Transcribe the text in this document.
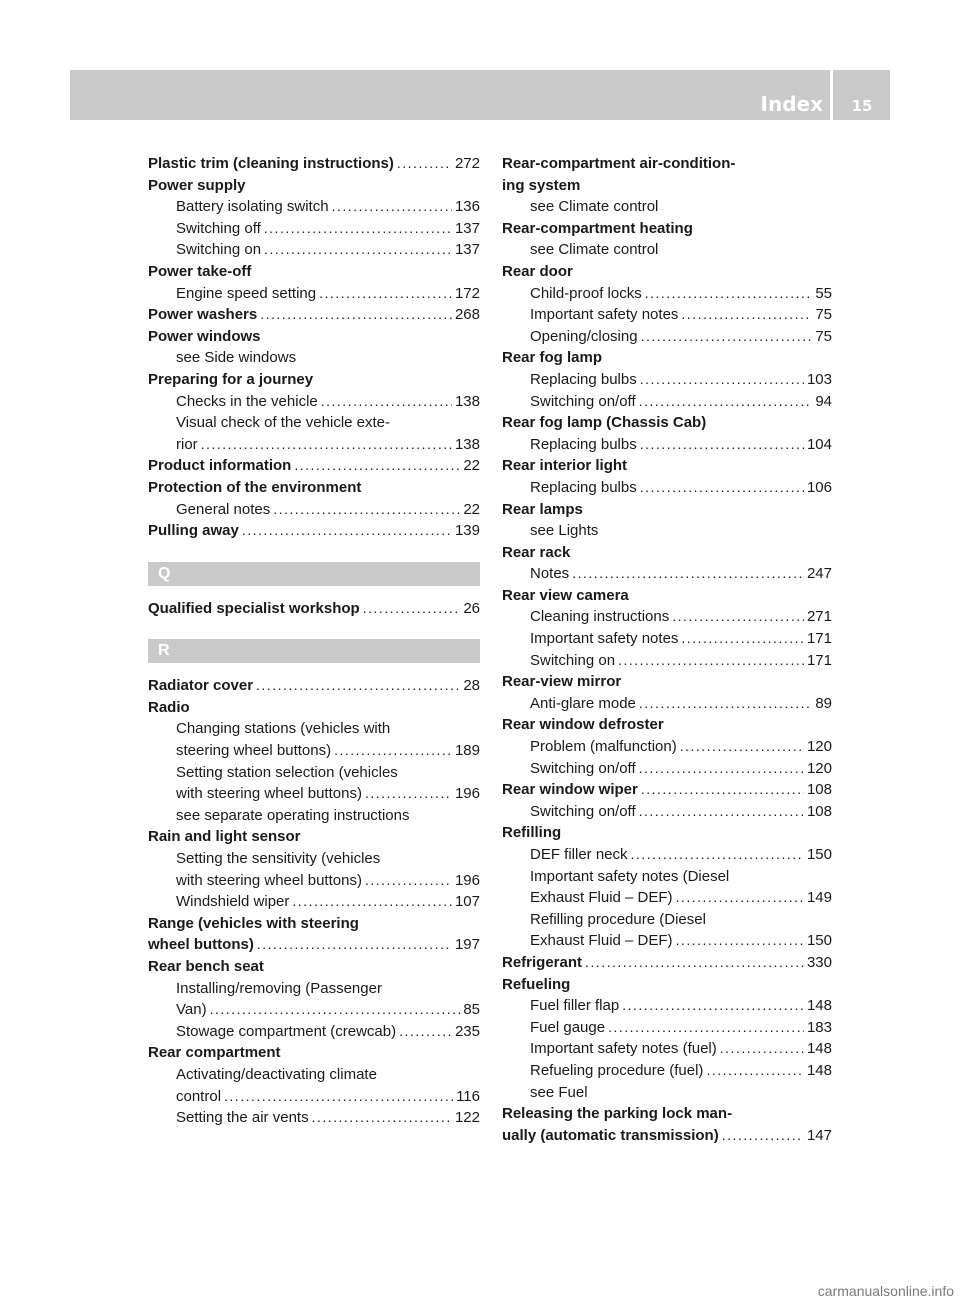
Index	15
Plastic trim (cleaning instructions) .....	272
Power supply
Battery isolating switch .....	136
Switching off .....	137
Switching on .....	137
Power take-off
Engine speed setting .....	172
Power washers .....	268
Power windows
see Side windows
Preparing for a journey
Checks in the vehicle .....	138
Visual check of the vehicle exte-
rior .....	138
Product information .....	22
Protection of the environment
General notes .....	22
Pulling away .....	139
Q
Qualified specialist workshop .....	26
R
Radiator cover .....	28
Radio
Changing stations (vehicles with
steering wheel buttons) .....	189
Setting station selection (vehicles
with steering wheel buttons) .....	196
see separate operating instructions
Rain and light sensor
Setting the sensitivity (vehicles
with steering wheel buttons) .....	196
Windshield wiper .....	107
Range (vehicles with steering
wheel buttons) .....	197
Rear bench seat
Installing/removing (Passenger
Van) .....	85
Stowage compartment (crewcab) .....	235
Rear compartment
Activating/deactivating climate
control .....	116
Setting the air vents .....	122
Rear-compartment air-condition-
ing system
see Climate control
Rear-compartment heating
see Climate control
Rear door
Child-proof locks .....	55
Important safety notes .....	75
Opening/closing .....	75
Rear fog lamp
Replacing bulbs .....	103
Switching on/off .....	94
Rear fog lamp (Chassis Cab)
Replacing bulbs .....	104
Rear interior light
Replacing bulbs .....	106
Rear lamps
see Lights
Rear rack
Notes .....	247
Rear view camera
Cleaning instructions .....	271
Important safety notes .....	171
Switching on .....	171
Rear-view mirror
Anti-glare mode .....	89
Rear window defroster
Problem (malfunction) .....	120
Switching on/off .....	120
Rear window wiper .....	108
Switching on/off .....	108
Refilling
DEF filler neck .....	150
Important safety notes (Diesel
Exhaust Fluid – DEF) .....	149
Refilling procedure (Diesel
Exhaust Fluid – DEF) .....	150
Refrigerant .....	330
Refueling
Fuel filler flap .....	148
Fuel gauge .....	183
Important safety notes (fuel) .....	148
Refueling procedure (fuel) .....	148
see Fuel
Releasing the parking lock man-
ually (automatic transmission) .....	147
carmanualsonline.info
